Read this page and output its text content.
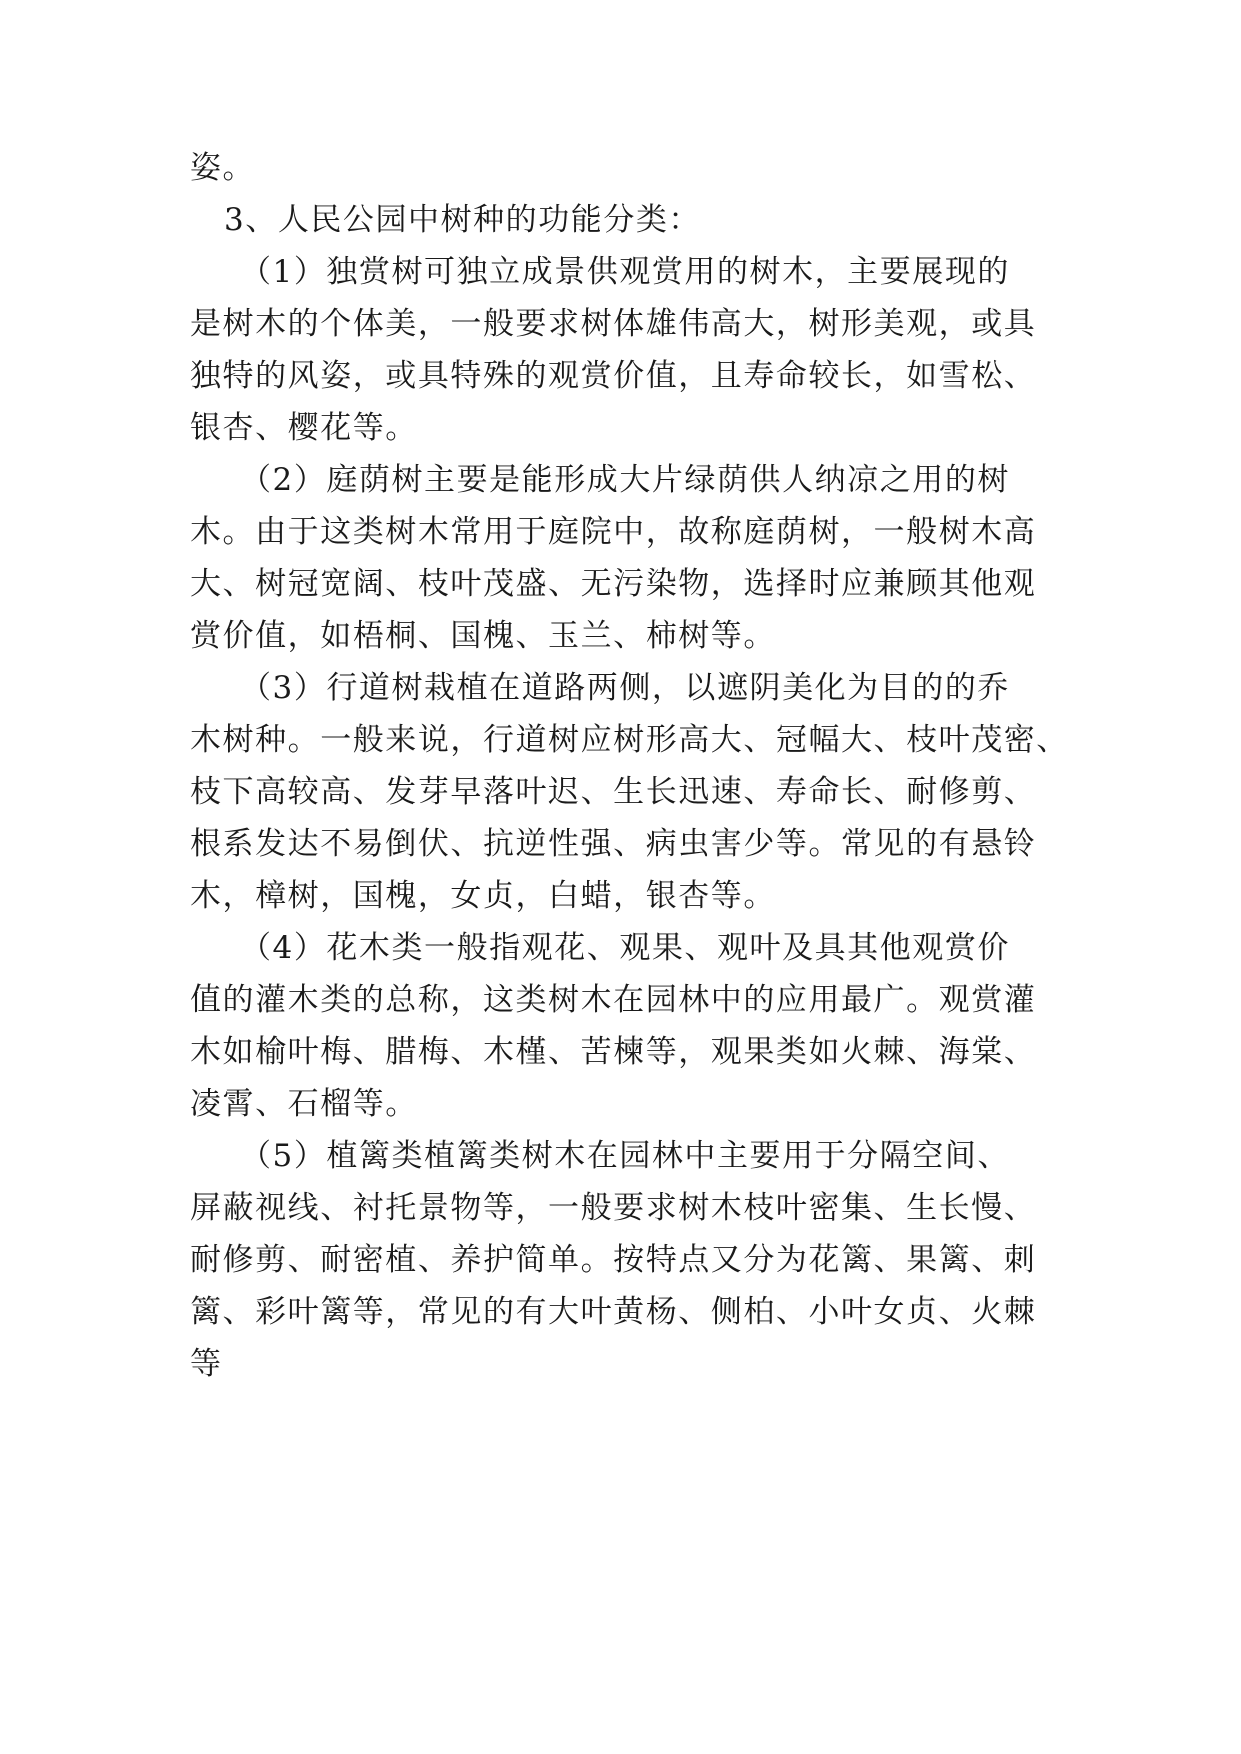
姿。
3、人民公园中树种的功能分类：
（1）独赏树可独立成景供观赏用的树木，主要展现的
是树木的个体美，一般要求树体雄伟高大，树形美观，或具
独特的风姿，或具特殊的观赏价值，且寿命较长，如雪松、
银杏、樱花等。
（2）庭荫树主要是能形成大片绿荫供人纳凉之用的树
木。由于这类树木常用于庭院中，故称庭荫树，一般树木高
大、树冠宽阔、枝叶茂盛、无污染物，选择时应兼顾其他观
赏价值，如梧桐、国槐、玉兰、柿树等。
（3）行道树栽植在道路两侧，以遮阴美化为目的的乔
木树种。一般来说，行道树应树形高大、冠幅大、枝叶茂密、
枝下高较高、发芽早落叶迟、生长迅速、寿命长、耐修剪、
根系发达不易倒伏、抗逆性强、病虫害少等。常见的有悬铃
木，樟树，国槐，女贞，白蜡，银杏等。
（4）花木类一般指观花、观果、观叶及具其他观赏价
值的灌木类的总称，这类树木在园林中的应用最广。观赏灌
木如榆叶梅、腊梅、木槿、苦楝等，观果类如火棘、海棠、
凌霄、石榴等。
（5）植篱类植篱类树木在园林中主要用于分隔空间、
屏蔽视线、衬托景物等，一般要求树木枝叶密集、生长慢、
耐修剪、耐密植、养护简单。按特点又分为花篱、果篱、刺
篱、彩叶篱等，常见的有大叶黄杨、侧柏、小叶女贞、火棘
等
